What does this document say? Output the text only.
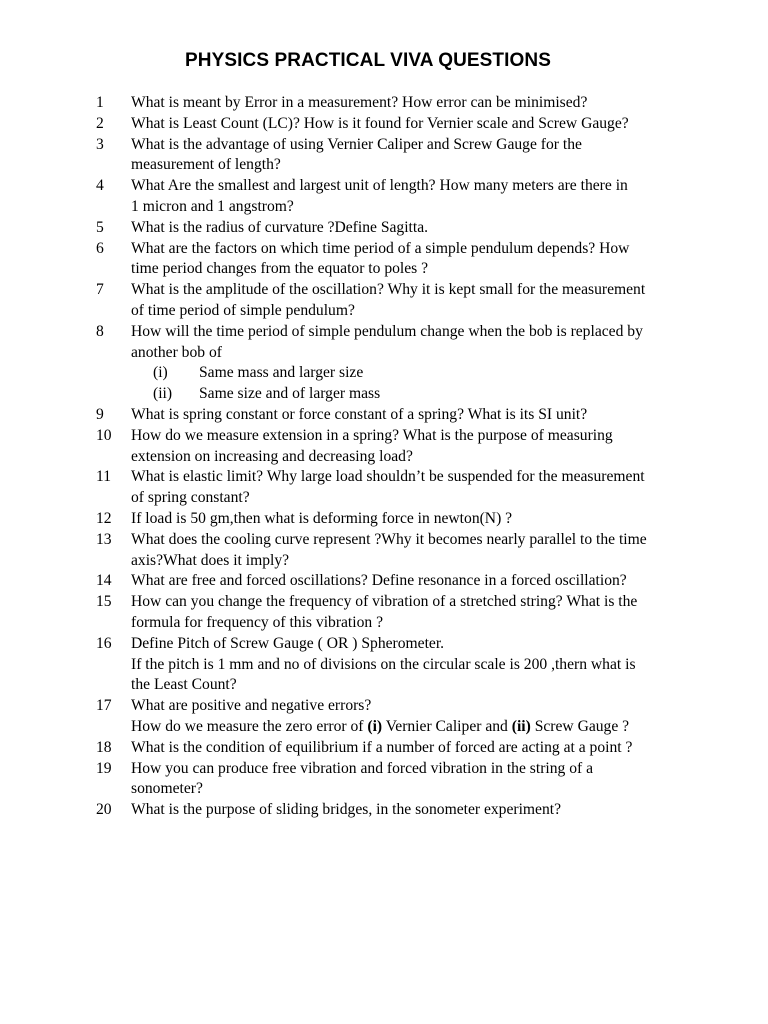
PHYSICS PRACTICAL VIVA QUESTIONS
1 What is meant by Error in a measurement? How error can be minimised?
2 What is Least Count (LC)? How is it found for Vernier scale and Screw Gauge?
3 What is the advantage of using Vernier Caliper and Screw Gauge for the
measurement of length?
4 What Are the smallest and largest unit of length? How many meters are there in
1 micron and 1 angstrom?
5 What is the radius of curvature ?Define Sagitta.
6 What are the factors on which time period of a simple pendulum depends? How
time period changes from the equator to poles ?
7 What is the amplitude of the oscillation? Why it is kept small for the measurement
of time period of simple pendulum?
8 How will the time period of simple pendulum change when the bob is replaced by
another bob of
(i) Same mass and larger size
(ii) Same size and of larger mass
9 What is spring constant or force constant of a spring? What is its SI unit?
10 How do we measure extension in a spring? What is the purpose of measuring
extension on increasing and decreasing load?
11 What is elastic limit? Why large load shouldn’t be suspended for the measurement
of spring constant?
12 If load is 50 gm,then what is deforming force in newton(N) ?
13 What does the cooling curve represent ?Why it becomes nearly parallel to the time
axis?What does it imply?
14 What are free and forced oscillations? Define resonance in a forced oscillation?
15 How can you change the frequency of vibration of a stretched string? What is the
formula for frequency of this vibration ?
16 Define Pitch of Screw Gauge ( OR ) Spherometer.
If the pitch is 1 mm and no of divisions on the circular scale is 200 ,thern what is
the Least Count?
17 What are positive and negative errors?
How do we measure the zero error of (i) Vernier Caliper and (ii) Screw Gauge ?
18 What is the condition of equilibrium if a number of forced are acting at a point ?
19 How you can produce free vibration and forced vibration in the string of a
sonometer?
20 What is the purpose of sliding bridges, in the sonometer experiment?
